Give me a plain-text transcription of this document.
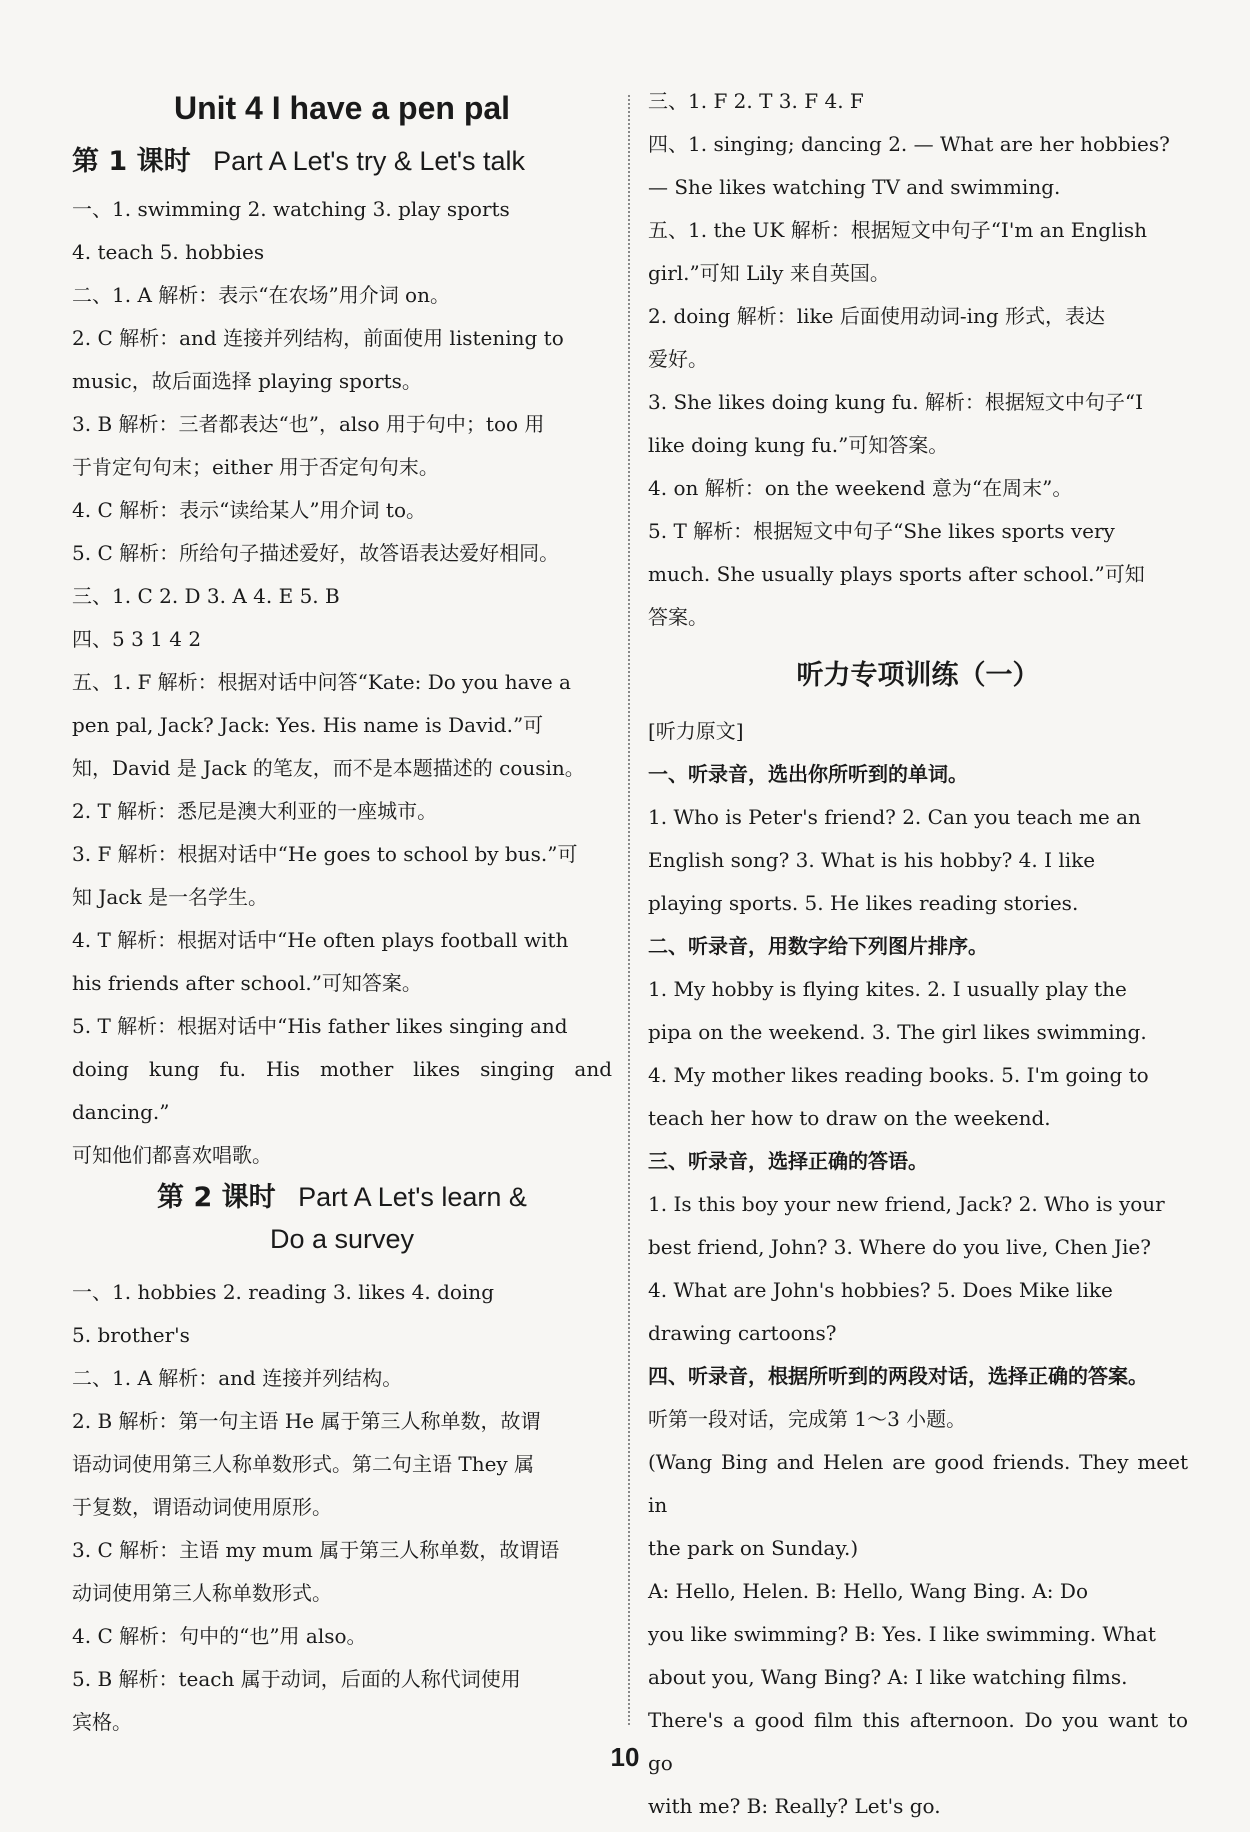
Unit 4 I have a pen pal
第 1 课时 Part A Let's try & Let's talk

一、1. swimming 2. watching 3. play sports

4. teach 5. hobbies

二、1. A 解析：表示“在农场”用介词 on。

2. C 解析：and 连接并列结构，前面使用 listening to

music，故后面选择 playing sports。

3. B 解析：三者都表达“也”，also 用于句中；too 用

于肯定句句末；either 用于否定句句末。

4. C 解析：表示“读给某人”用介词 to。

5. C 解析：所给句子描述爱好，故答语表达爱好相同。

三、1. C 2. D 3. A 4. E 5. B

四、5 3 1 4 2

五、1. F 解析：根据对话中问答“Kate: Do you have a

pen pal, Jack? Jack: Yes. His name is David.”可

知，David 是 Jack 的笔友，而不是本题描述的 cousin。

2. T 解析：悉尼是澳大利亚的一座城市。

3. F 解析：根据对话中“He goes to school by bus.”可

知 Jack 是一名学生。

4. T 解析：根据对话中“He often plays football with

his friends after school.”可知答案。

5. T 解析：根据对话中“His father likes singing and

doing kung fu. His mother likes singing and dancing.”

可知他们都喜欢唱歌。

第 2 课时 Part A Let's learn &
Do a survey

一、1. hobbies 2. reading 3. likes 4. doing

5. brother's

二、1. A 解析：and 连接并列结构。

2. B 解析：第一句主语 He 属于第三人称单数，故谓

语动词使用第三人称单数形式。第二句主语 They 属

于复数，谓语动词使用原形。

3. C 解析：主语 my mum 属于第三人称单数，故谓语

动词使用第三人称单数形式。

4. C 解析：句中的“也”用 also。

5. B 解析：teach 属于动词，后面的人称代词使用

宾格。

三、1. F 2. T 3. F 4. F

四、1. singing; dancing 2. — What are her hobbies?

— She likes watching TV and swimming.

五、1. the UK 解析：根据短文中句子“I'm an English

girl.”可知 Lily 来自英国。

2. doing 解析：like 后面使用动词-ing 形式，表达

爱好。

3. She likes doing kung fu. 解析：根据短文中句子“I

like doing kung fu.”可知答案。

4. on 解析：on the weekend 意为“在周末”。

5. T 解析：根据短文中句子“She likes sports very

much. She usually plays sports after school.”可知

答案。

听力专项训练（一）

[听力原文]

一、听录音，选出你所听到的单词。

1. Who is Peter's friend? 2. Can you teach me an

English song? 3. What is his hobby? 4. I like

playing sports. 5. He likes reading stories.

二、听录音，用数字给下列图片排序。

1. My hobby is flying kites. 2. I usually play the

pipa on the weekend. 3. The girl likes swimming.

4. My mother likes reading books. 5. I'm going to

teach her how to draw on the weekend.

三、听录音，选择正确的答语。

1. Is this boy your new friend, Jack? 2. Who is your

best friend, John? 3. Where do you live, Chen Jie?

4. What are John's hobbies? 5. Does Mike like

drawing cartoons?

四、听录音，根据所听到的两段对话，选择正确的答案。

听第一段对话，完成第 1～3 小题。

(Wang Bing and Helen are good friends. They meet in

the park on Sunday.)

A: Hello, Helen. B: Hello, Wang Bing. A: Do

you like swimming? B: Yes. I like swimming. What

about you, Wang Bing? A: I like watching films.

There's a good film this afternoon. Do you want to go

with me? B: Really? Let's go.

10
